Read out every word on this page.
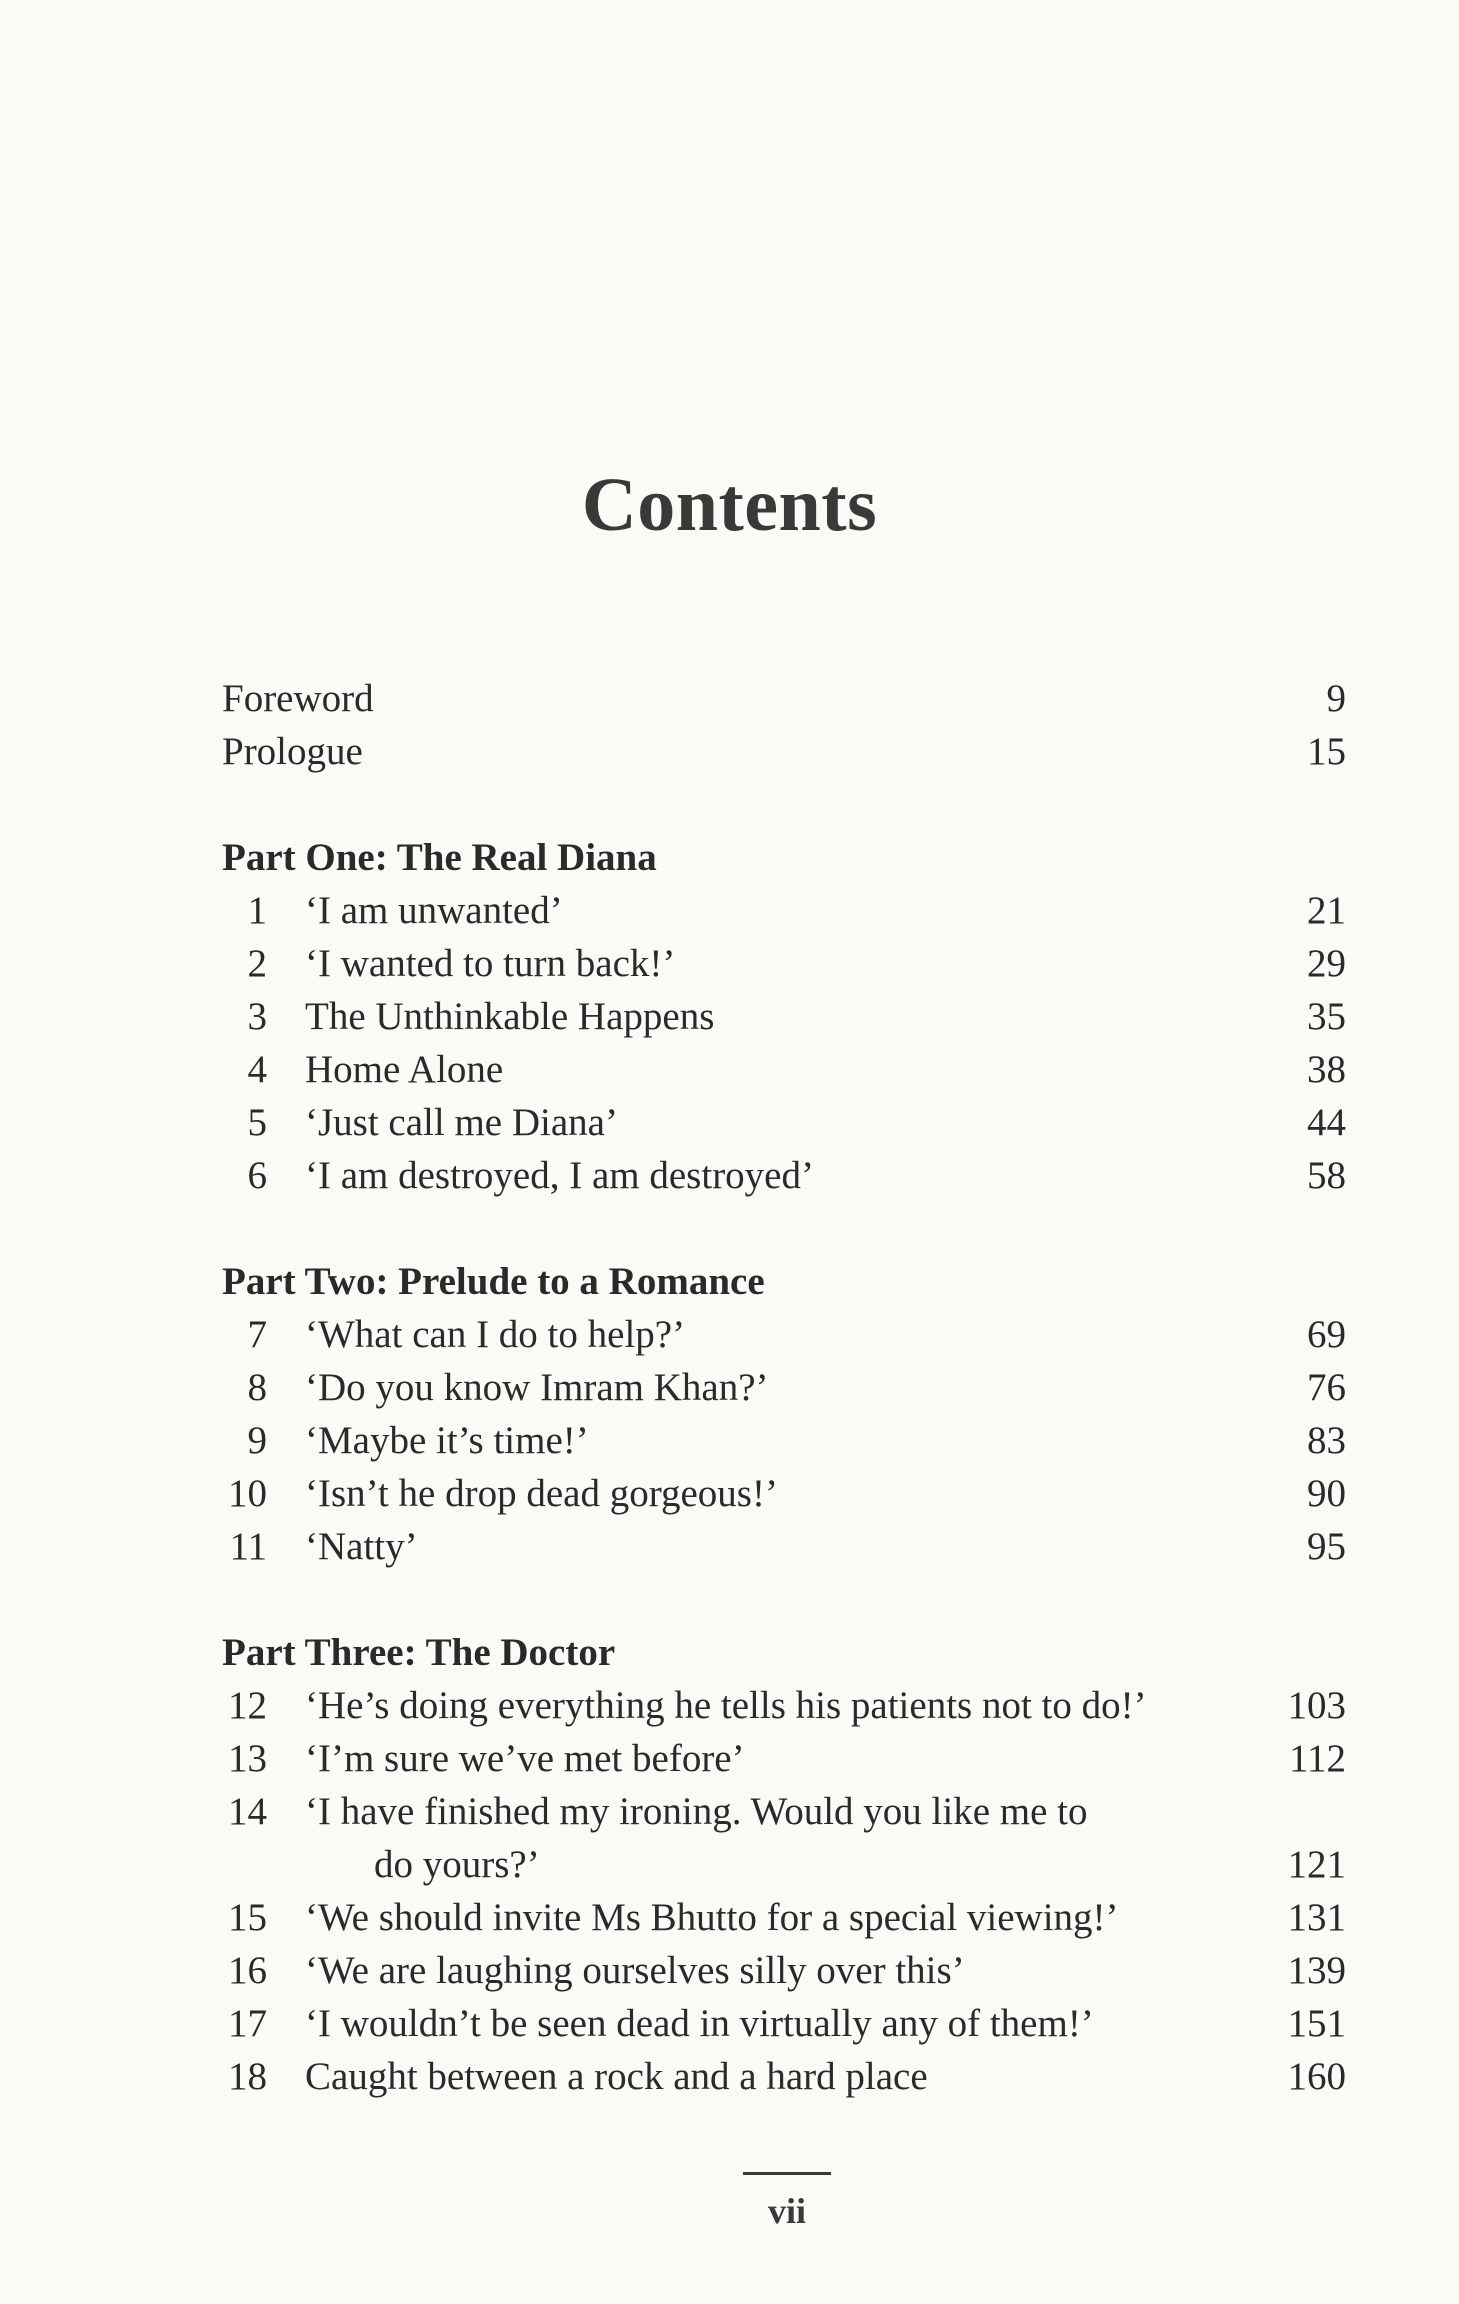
Contents
Foreword	9
Prologue	15
Part One: The Real Diana
1 ‘I am unwanted’	21
2 ‘I wanted to turn back!’	29
3 The Unthinkable Happens	35
4 Home Alone	38
5 ‘Just call me Diana’	44
6 ‘I am destroyed, I am destroyed’	58
Part Two: Prelude to a Romance
7 ‘What can I do to help?’	69
8 ‘Do you know Imram Khan?’	76
9 ‘Maybe it’s time!’	83
10 ‘Isn’t he drop dead gorgeous!’	90
11 ‘Natty’	95
Part Three: The Doctor
12 ‘He’s doing everything he tells his patients not to do!’	103
13 ‘I’m sure we’ve met before’	112
14 ‘I have finished my ironing. Would you like me to
do yours?’	121
15 ‘We should invite Ms Bhutto for a special viewing!’	131
16 ‘We are laughing ourselves silly over this’	139
17 ‘I wouldn’t be seen dead in virtually any of them!’	151
18 Caught between a rock and a hard place	160
vii
